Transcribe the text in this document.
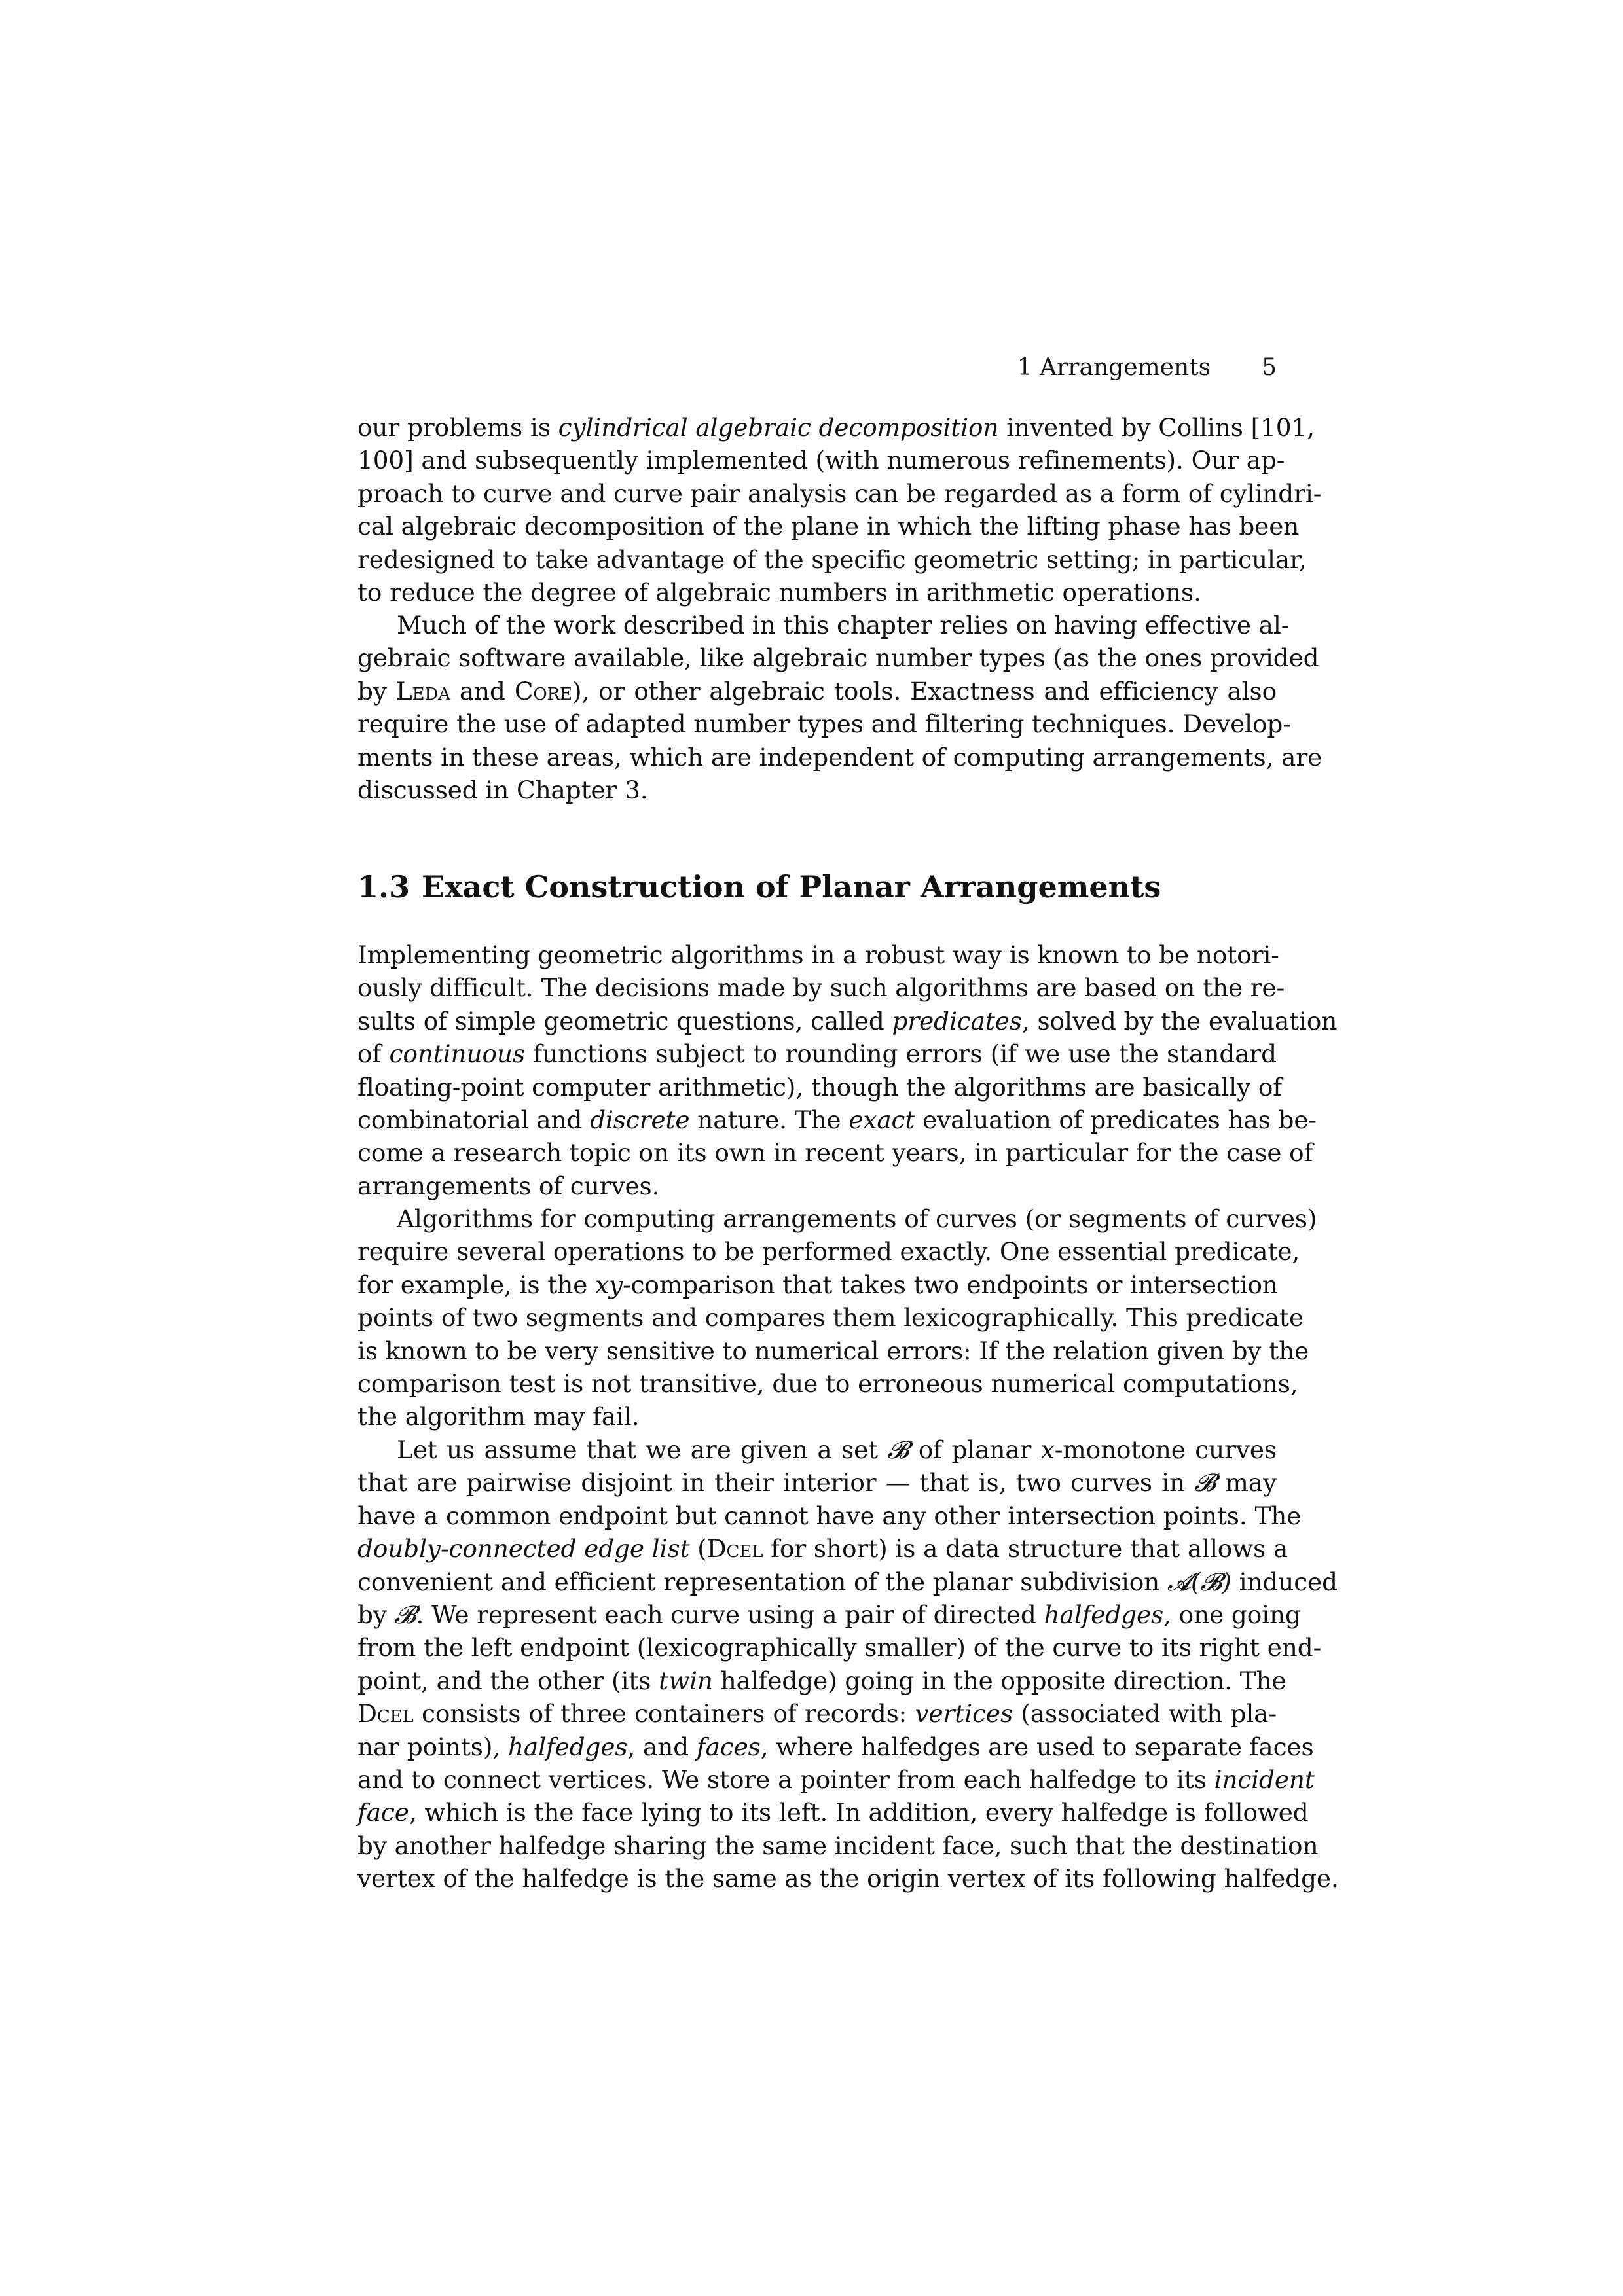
1 Arrangements 5
our problems is cylindrical algebraic decomposition invented by Collins [101,
100] and subsequently implemented (with numerous refinements). Our ap-
proach to curve and curve pair analysis can be regarded as a form of cylindri-
cal algebraic decomposition of the plane in which the lifting phase has been
redesigned to take advantage of the specific geometric setting; in particular,
to reduce the degree of algebraic numbers in arithmetic operations.
Much of the work described in this chapter relies on having effective al-
gebraic software available, like algebraic number types (as the ones provided
by Leda and Core), or other algebraic tools. Exactness and efficiency also
require the use of adapted number types and filtering techniques. Develop-
ments in these areas, which are independent of computing arrangements, are
discussed in Chapter 3.
1.3 Exact Construction of Planar Arrangements
Implementing geometric algorithms in a robust way is known to be notori-
ously difficult. The decisions made by such algorithms are based on the re-
sults of simple geometric questions, called predicates, solved by the evaluation
of continuous functions subject to rounding errors (if we use the standard
floating-point computer arithmetic), though the algorithms are basically of
combinatorial and discrete nature. The exact evaluation of predicates has be-
come a research topic on its own in recent years, in particular for the case of
arrangements of curves.
Algorithms for computing arrangements of curves (or segments of curves)
require several operations to be performed exactly. One essential predicate,
for example, is the xy-comparison that takes two endpoints or intersection
points of two segments and compares them lexicographically. This predicate
is known to be very sensitive to numerical errors: If the relation given by the
comparison test is not transitive, due to erroneous numerical computations,
the algorithm may fail.
Let us assume that we are given a set 𝓑 of planar x-monotone curves
that are pairwise disjoint in their interior — that is, two curves in 𝓑 may
have a common endpoint but cannot have any other intersection points. The
doubly-connected edge list (Dcel for short) is a data structure that allows a
convenient and efficient representation of the planar subdivision 𝓐(𝓑) induced
by 𝓑. We represent each curve using a pair of directed halfedges, one going
from the left endpoint (lexicographically smaller) of the curve to its right end-
point, and the other (its twin halfedge) going in the opposite direction. The
Dcel consists of three containers of records: vertices (associated with pla-
nar points), halfedges, and faces, where halfedges are used to separate faces
and to connect vertices. We store a pointer from each halfedge to its incident
face, which is the face lying to its left. In addition, every halfedge is followed
by another halfedge sharing the same incident face, such that the destination
vertex of the halfedge is the same as the origin vertex of its following halfedge.
